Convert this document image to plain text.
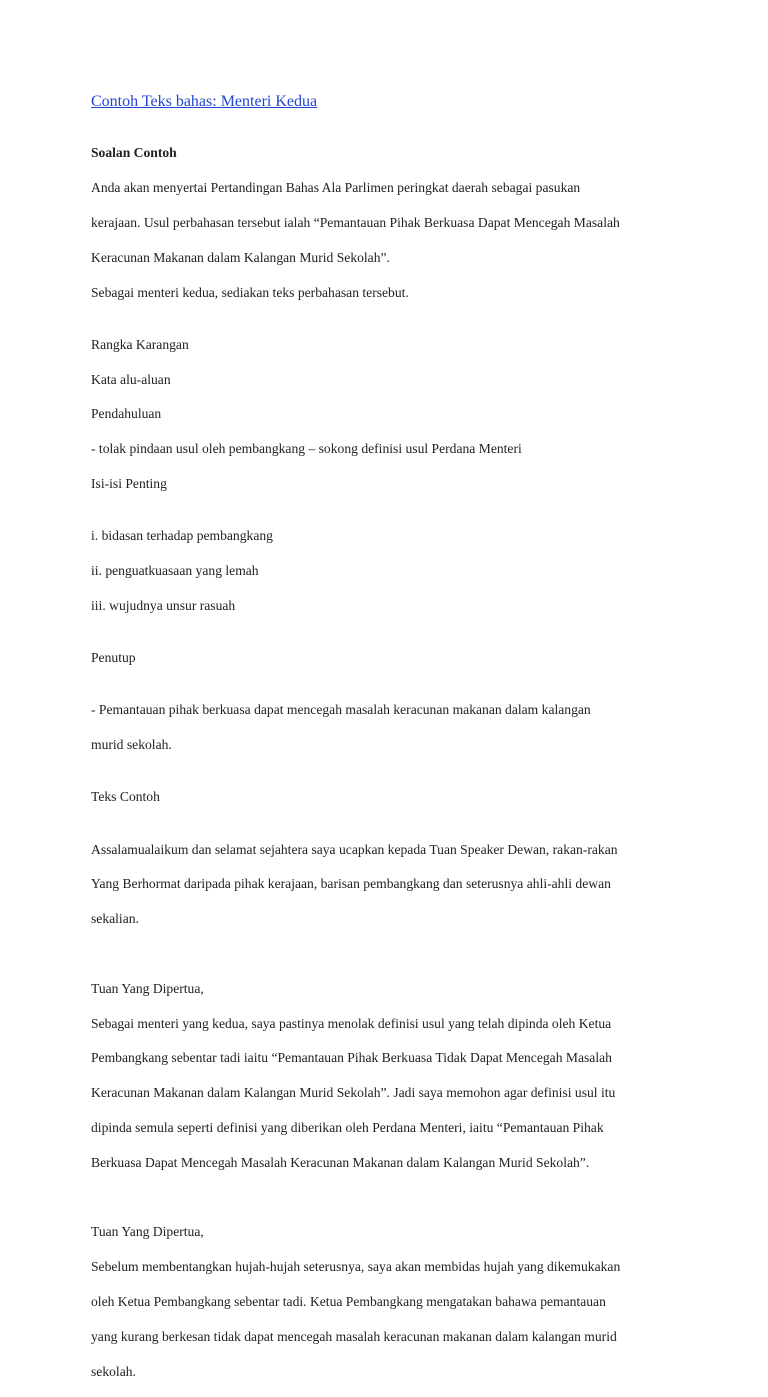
Contoh Teks bahas: Menteri Kedua

Soalan Contoh

Anda akan menyertai Pertandingan Bahas Ala Parlimen peringkat daerah sebagai pasukan

kerajaan. Usul perbahasan tersebut ialah “Pemantauan Pihak Berkuasa Dapat Mencegah Masalah

Keracunan Makanan dalam Kalangan Murid Sekolah”.

Sebagai menteri kedua, sediakan teks perbahasan tersebut.

Rangka Karangan
Kata alu-aluan
Pendahuluan
- tolak pindaan usul oleh pembangkang – sokong definisi usul Perdana Menteri
Isi-isi Penting

i. bidasan terhadap pembangkang

ii. penguatkuasaan yang lemah

iii. wujudnya unsur rasuah

Penutup

- Pemantauan pihak berkuasa dapat mencegah masalah keracunan makanan dalam kalangan

murid sekolah.

Teks Contoh

Assalamualaikum dan selamat sejahtera saya ucapkan kepada Tuan Speaker Dewan, rakan-rakan

Yang Berhormat daripada pihak kerajaan, barisan pembangkang dan seterusnya ahli-ahli dewan

sekalian.

Tuan Yang Dipertua,

Sebagai menteri yang kedua, saya pastinya menolak definisi usul yang telah dipinda oleh Ketua

Pembangkang sebentar tadi iaitu “Pemantauan Pihak Berkuasa Tidak Dapat Mencegah Masalah

Keracunan Makanan dalam Kalangan Murid Sekolah”. Jadi saya memohon agar definisi usul itu

dipinda semula seperti definisi yang diberikan oleh Perdana Menteri, iaitu “Pemantauan Pihak

Berkuasa Dapat Mencegah Masalah Keracunan Makanan dalam Kalangan Murid Sekolah”.

Tuan Yang Dipertua,

Sebelum membentangkan hujah-hujah seterusnya, saya akan membidas hujah yang dikemukakan

oleh Ketua Pembangkang sebentar tadi. Ketua Pembangkang mengatakan bahawa pemantauan

yang kurang berkesan tidak dapat mencegah masalah keracunan makanan dalam kalangan murid

sekolah.
